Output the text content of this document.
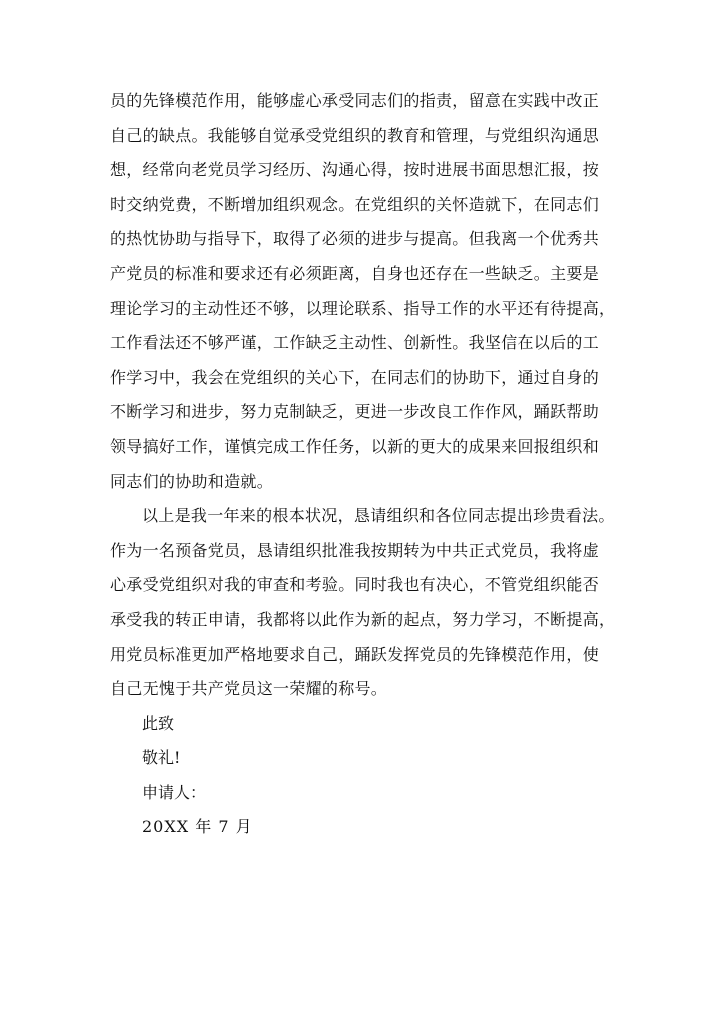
员的先锋模范作用，能够虚心承受同志们的指责，留意在实践中改正
自己的缺点。我能够自觉承受党组织的教育和管理，与党组织沟通思
想，经常向老党员学习经历、沟通心得，按时进展书面思想汇报，按
时交纳党费，不断增加组织观念。在党组织的关怀造就下，在同志们
的热忱协助与指导下，取得了必须的进步与提高。但我离一个优秀共
产党员的标准和要求还有必须距离，自身也还存在一些缺乏。主要是
理论学习的主动性还不够，以理论联系、指导工作的水平还有待提高，
工作看法还不够严谨，工作缺乏主动性、创新性。我坚信在以后的工
作学习中，我会在党组织的关心下，在同志们的协助下，通过自身的
不断学习和进步，努力克制缺乏，更进一步改良工作作风，踊跃帮助
领导搞好工作，谨慎完成工作任务，以新的更大的成果来回报组织和
同志们的协助和造就。
以上是我一年来的根本状况，恳请组织和各位同志提出珍贵看法。
作为一名预备党员，恳请组织批准我按期转为中共正式党员，我将虚
心承受党组织对我的审查和考验。同时我也有决心，不管党组织能否
承受我的转正申请，我都将以此作为新的起点，努力学习，不断提高，
用党员标准更加严格地要求自己，踊跃发挥党员的先锋模范作用，使
自己无愧于共产党员这一荣耀的称号。
此致
敬礼!
申请人：
20XX 年 7 月
